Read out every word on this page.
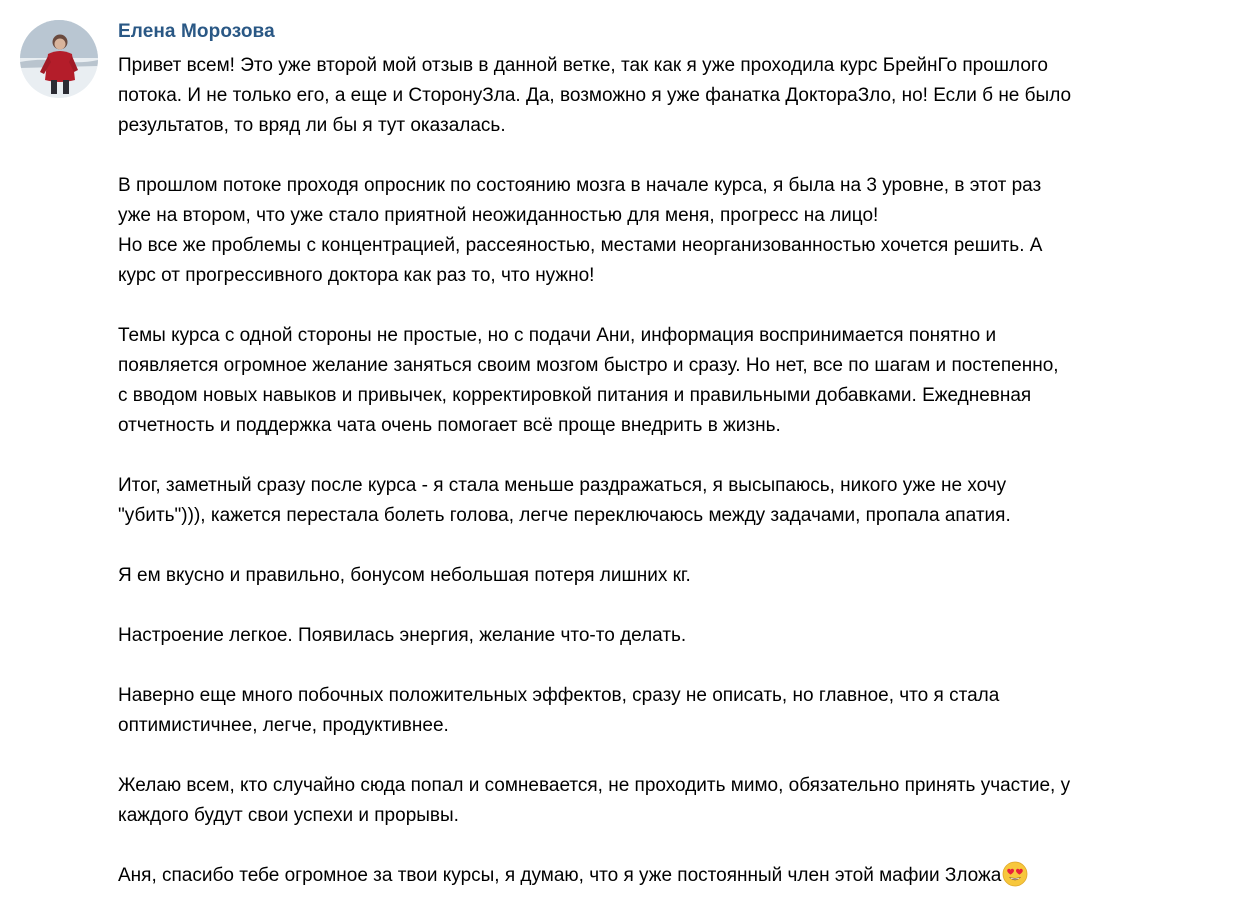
Елена Морозова

Привет всем! Это уже второй мой отзыв в данной ветке, так как я уже проходила курс БрейнГо прошлого
потока. И не только его, а еще и СторонуЗла. Да, возможно я уже фанатка ДоктораЗло, но! Если б не было
результатов, то вряд ли бы я тут оказалась.

В прошлом потоке проходя опросник по состоянию мозга в начале курса, я была на 3 уровне, в этот раз
уже на втором, что уже стало приятной неожиданностью для меня, прогресс на лицо!
Но все же проблемы с концентрацией, рассеяностью, местами неорганизованностью хочется решить. А
курс от прогрессивного доктора как раз то, что нужно!

Темы курса с одной стороны не простые, но с подачи Ани, информация воспринимается понятно и
появляется огромное желание заняться своим мозгом быстро и сразу. Но нет, все по шагам и постепенно,
с вводом новых навыков и привычек, корректировкой питания и правильными добавками. Ежедневная
отчетность и поддержка чата очень помогает всё проще внедрить в жизнь.

Итог, заметный сразу после курса - я стала меньше раздражаться, я высыпаюсь, никого уже не хочу
"убить"))), кажется перестала болеть голова, легче переключаюсь между задачами, пропала апатия.

Я ем вкусно и правильно, бонусом небольшая потеря лишних кг.

Настроение легкое. Появилась энергия, желание что-то делать.

Наверно еще много побочных положительных эффектов, сразу не описать, но главное, что я стала
оптимистичнее, легче, продуктивнее.

Желаю всем, кто случайно сюда попал и сомневается, не проходить мимо, обязательно принять участие, у
каждого будут свои успехи и прорывы.

Аня, спасибо тебе огромное за твои курсы, я думаю, что я уже постоянный член этой мафии Зложа
